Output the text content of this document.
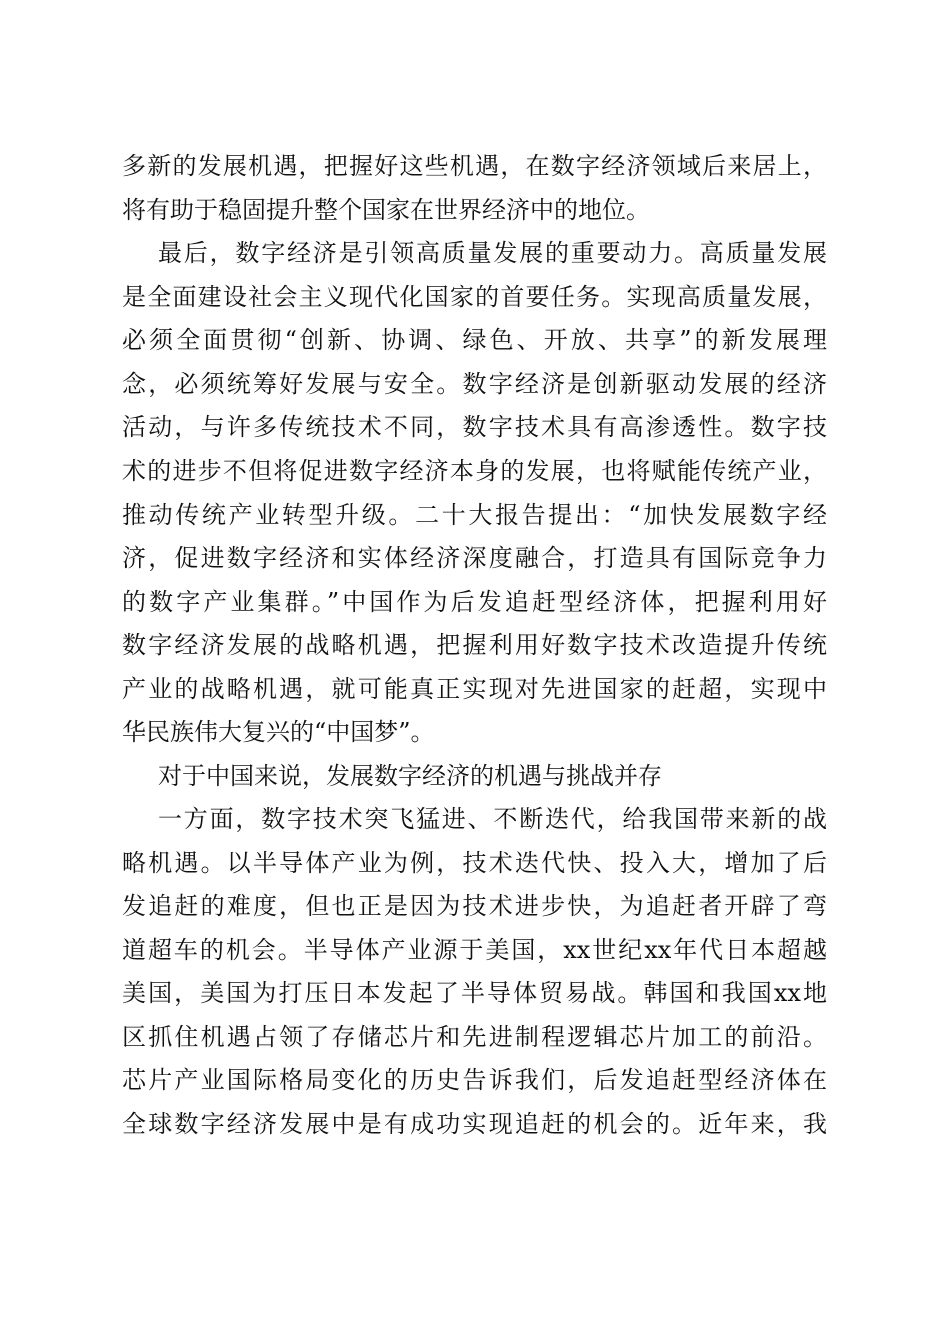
多新的发展机遇，把握好这些机遇，在数字经济领域后来居上，
将有助于稳固提升整个国家在世界经济中的地位。
最后，数字经济是引领高质量发展的重要动力。高质量发展
是全面建设社会主义现代化国家的首要任务。实现高质量发展，
必须全面贯彻“创新、协调、绿色、开放、共享”的新发展理
念，必须统筹好发展与安全。数字经济是创新驱动发展的经济
活动，与许多传统技术不同，数字技术具有高渗透性。数字技
术的进步不但将促进数字经济本身的发展，也将赋能传统产业，
推动传统产业转型升级。二十大报告提出：“加快发展数字经
济，促进数字经济和实体经济深度融合，打造具有国际竞争力
的数字产业集群。”中国作为后发追赶型经济体，把握利用好
数字经济发展的战略机遇，把握利用好数字技术改造提升传统
产业的战略机遇，就可能真正实现对先进国家的赶超，实现中
华民族伟大复兴的“中国梦”。
对于中国来说，发展数字经济的机遇与挑战并存
一方面，数字技术突飞猛进、不断迭代，给我国带来新的战
略机遇。以半导体产业为例，技术迭代快、投入大，增加了后
发追赶的难度，但也正是因为技术进步快，为追赶者开辟了弯
道超车的机会。半导体产业源于美国，xx世纪xx年代日本超越
美国，美国为打压日本发起了半导体贸易战。韩国和我国xx地
区抓住机遇占领了存储芯片和先进制程逻辑芯片加工的前沿。
芯片产业国际格局变化的历史告诉我们，后发追赶型经济体在
全球数字经济发展中是有成功实现追赶的机会的。近年来，我
